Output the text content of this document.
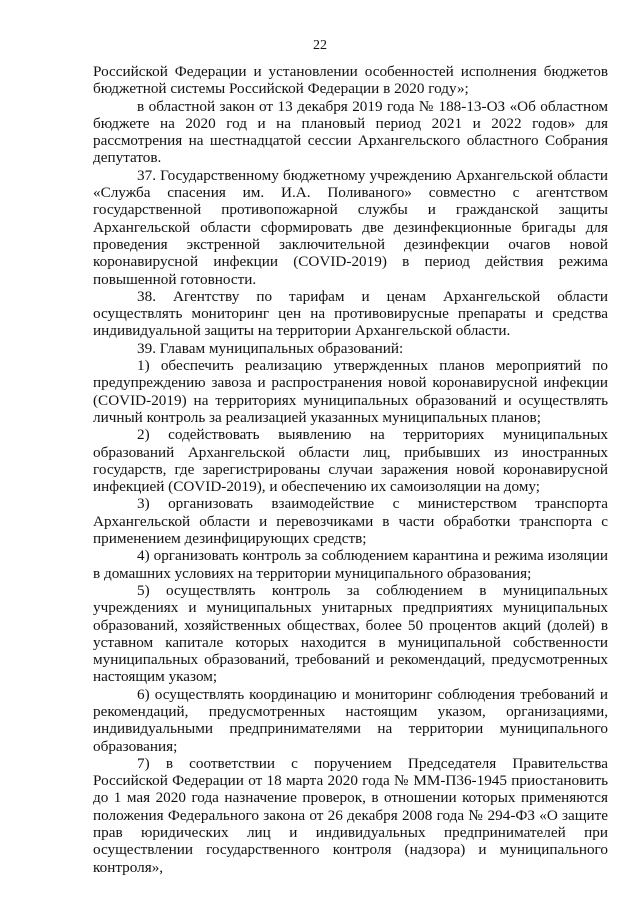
22

Российской Федерации и установлении особенностей исполнения бюджетов бюджетной системы Российской Федерации в 2020 году»;

в областной закон от 13 декабря 2019 года № 188-13-ОЗ «Об областном бюджете на 2020 год и на плановый период 2021 и 2022 годов» для рассмотрения на шестнадцатой сессии Архангельского областного Собрания депутатов.

37. Государственному бюджетному учреждению Архангельской области «Служба спасения им. И.А. Поливаного» совместно с агентством государственной противопожарной службы и гражданской защиты Архангельской области сформировать две дезинфекционные бригады для проведения экстренной заключительной дезинфекции очагов новой коронавирусной инфекции (COVID-2019) в период действия режима повышенной готовности.

38. Агентству по тарифам и ценам Архангельской области осуществлять мониторинг цен на противовирусные препараты и средства индивидуальной защиты на территории Архангельской области.

39. Главам муниципальных образований:

1) обеспечить реализацию утвержденных планов мероприятий по предупреждению завоза и распространения новой коронавирусной инфекции (COVID-2019) на территориях муниципальных образований и осуществлять личный контроль за реализацией указанных муниципальных планов;

2) содействовать выявлению на территориях муниципальных образований Архангельской области лиц, прибывших из иностранных государств, где зарегистрированы случаи заражения новой коронавирусной инфекцией (COVID-2019), и обеспечению их самоизоляции на дому;

3) организовать взаимодействие с министерством транспорта Архангельской области и перевозчиками в части обработки транспорта с применением дезинфицирующих средств;

4) организовать контроль за соблюдением карантина и режима изоляции в домашних условиях на территории муниципального образования;

5) осуществлять контроль за соблюдением в муниципальных учреждениях и муниципальных унитарных предприятиях муниципальных образований, хозяйственных обществах, более 50 процентов акций (долей) в уставном капитале которых находится в муниципальной собственности муниципальных образований, требований и рекомендаций, предусмотренных настоящим указом;

6) осуществлять координацию и мониторинг соблюдения требований и рекомендаций, предусмотренных настоящим указом, организациями, индивидуальными предпринимателями на территории муниципального образования;

7) в соответствии с поручением Председателя Правительства Российской Федерации от 18 марта 2020 года № ММ-П36-1945 приостановить до 1 мая 2020 года назначение проверок, в отношении которых применяются положения Федерального закона от 26 декабря 2008 года № 294-ФЗ «О защите прав юридических лиц и индивидуальных предпринимателей при осуществлении государственного контроля (надзора) и муниципального контроля»,
